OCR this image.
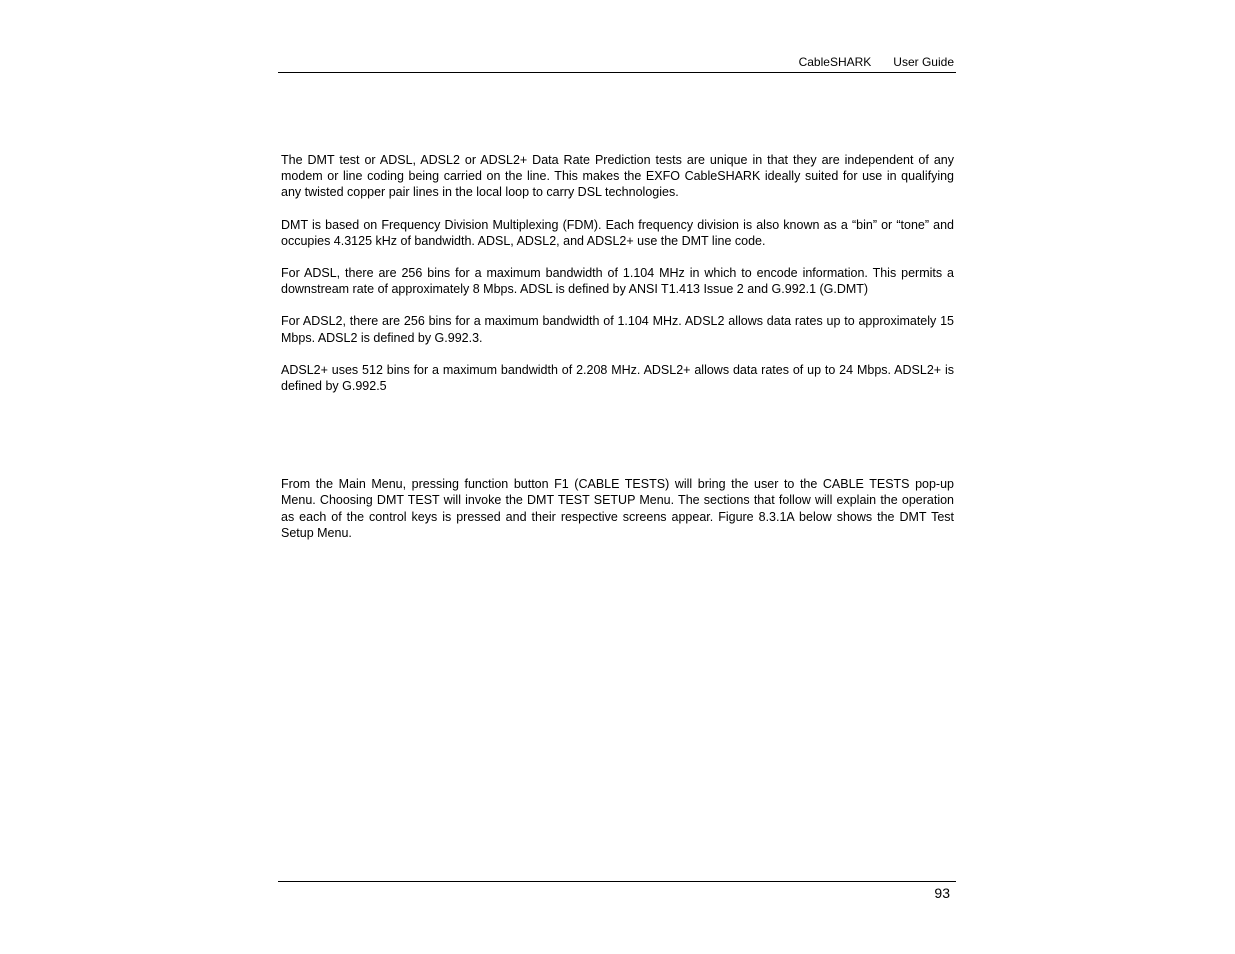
CableSHARK User Guide

The DMT test or ADSL, ADSL2 or ADSL2+ Data Rate Prediction tests are unique in that they are independent of any modem or line coding being carried on the line. This makes the EXFO CableSHARK ideally suited for use in qualifying any twisted copper pair lines in the local loop to carry DSL technologies.

DMT is based on Frequency Division Multiplexing (FDM). Each frequency division is also known as a “bin” or “tone” and occupies 4.3125 kHz of bandwidth. ADSL, ADSL2, and ADSL2+ use the DMT line code.

For ADSL, there are 256 bins for a maximum bandwidth of 1.104 MHz in which to encode information. This permits a downstream rate of approximately 8 Mbps. ADSL is defined by ANSI T1.413 Issue 2 and G.992.1 (G.DMT)

For ADSL2, there are 256 bins for a maximum bandwidth of 1.104 MHz. ADSL2 allows data rates up to approximately 15 Mbps. ADSL2 is defined by G.992.3.

ADSL2+ uses 512 bins for a maximum bandwidth of 2.208 MHz. ADSL2+ allows data rates of up to 24 Mbps. ADSL2+ is defined by G.992.5

From the Main Menu, pressing function button F1 (CABLE TESTS) will bring the user to the CABLE TESTS pop-up Menu. Choosing DMT TEST will invoke the DMT TEST SETUP Menu. The sections that follow will explain the operation as each of the control keys is pressed and their respective screens appear. Figure 8.3.1A below shows the DMT Test Setup Menu.

93
